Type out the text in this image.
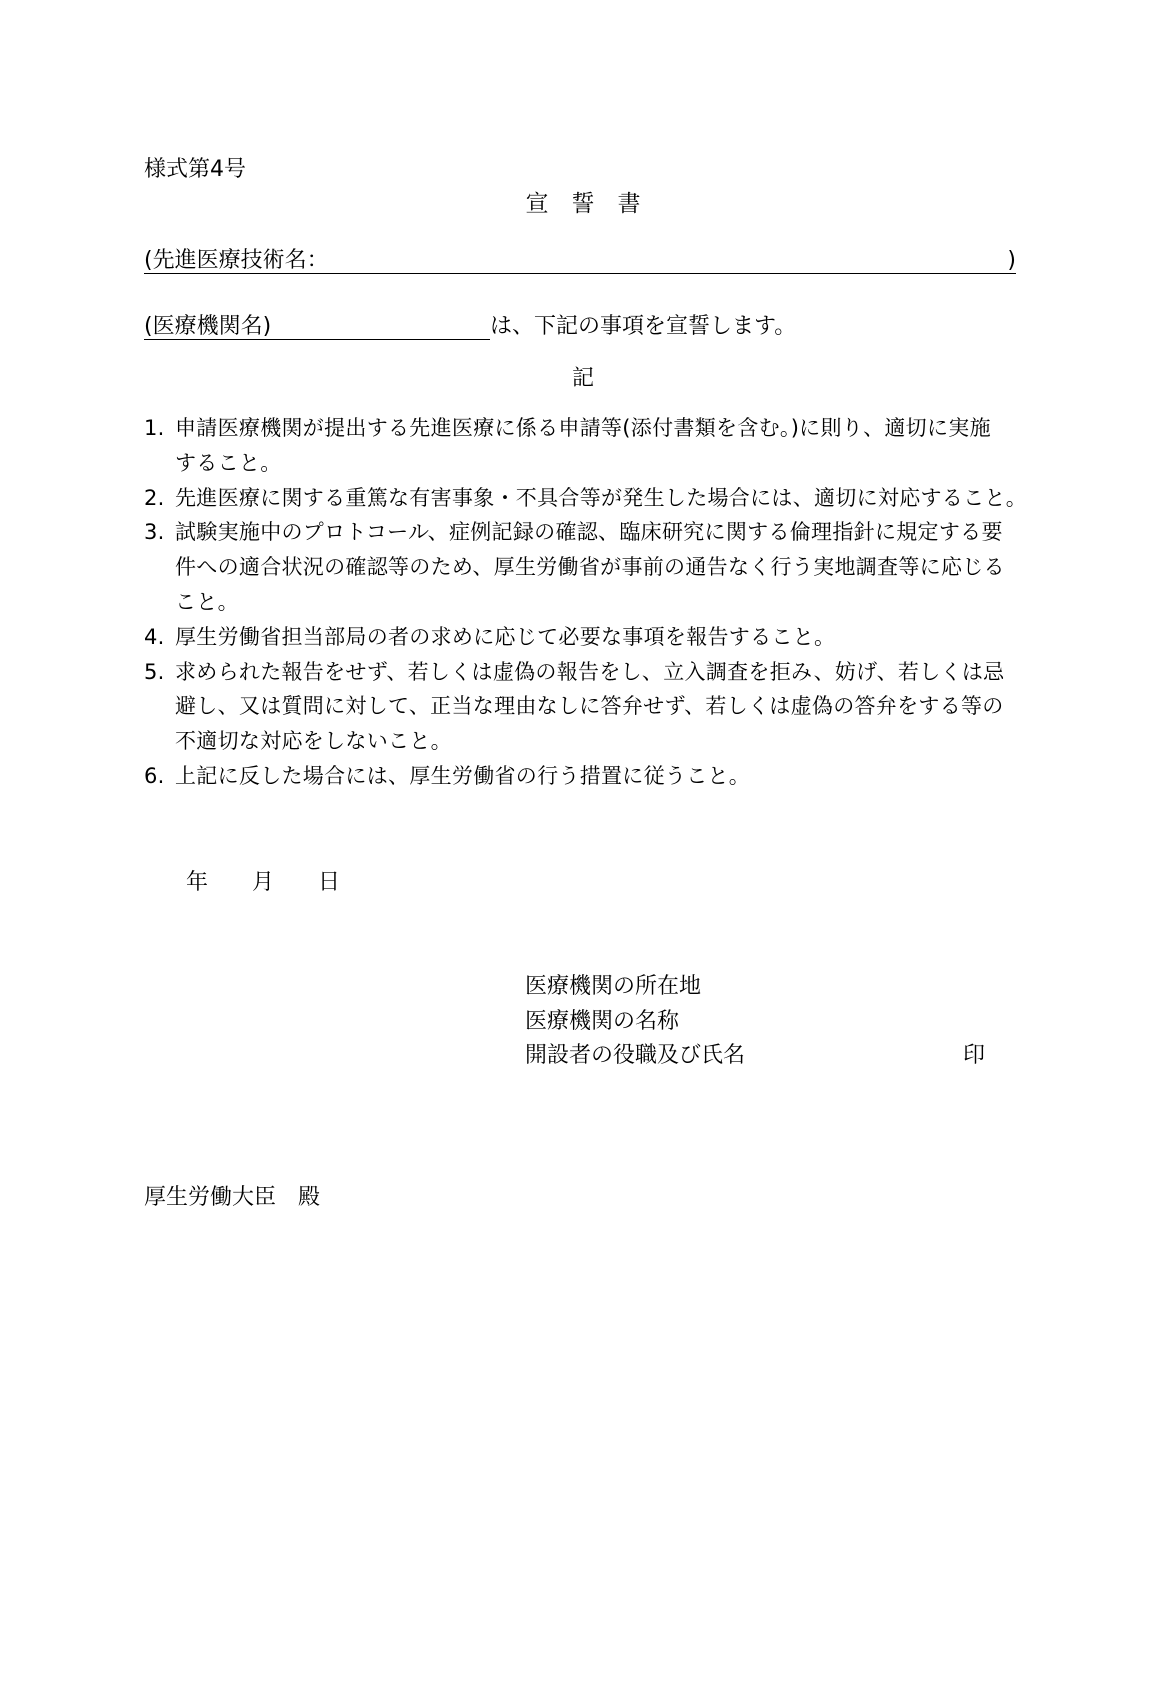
様式第4号
宣　誓　書
(先進医療技術名：	)
(医療機関名)	は、下記の事項を宣誓します。
記
1. 申請医療機関が提出する先進医療に係る申請等(添付書類を含む。)に則り、適切に実施
すること。
2. 先進医療に関する重篤な有害事象・不具合等が発生した場合には、適切に対応すること。
3. 試験実施中のプロトコール、症例記録の確認、臨床研究に関する倫理指針に規定する要
件への適合状況の確認等のため、厚生労働省が事前の通告なく行う実地調査等に応じる
こと。
4. 厚生労働省担当部局の者の求めに応じて必要な事項を報告すること。
5. 求められた報告をせず、若しくは虚偽の報告をし、立入調査を拒み、妨げ、若しくは忌
避し、又は質問に対して、正当な理由なしに答弁せず、若しくは虚偽の答弁をする等の
不適切な対応をしないこと。
6. 上記に反した場合には、厚生労働省の行う措置に従うこと。
年 月 日
医療機関の所在地
医療機関の名称
開設者の役職及び氏名	印
厚生労働大臣　殿
